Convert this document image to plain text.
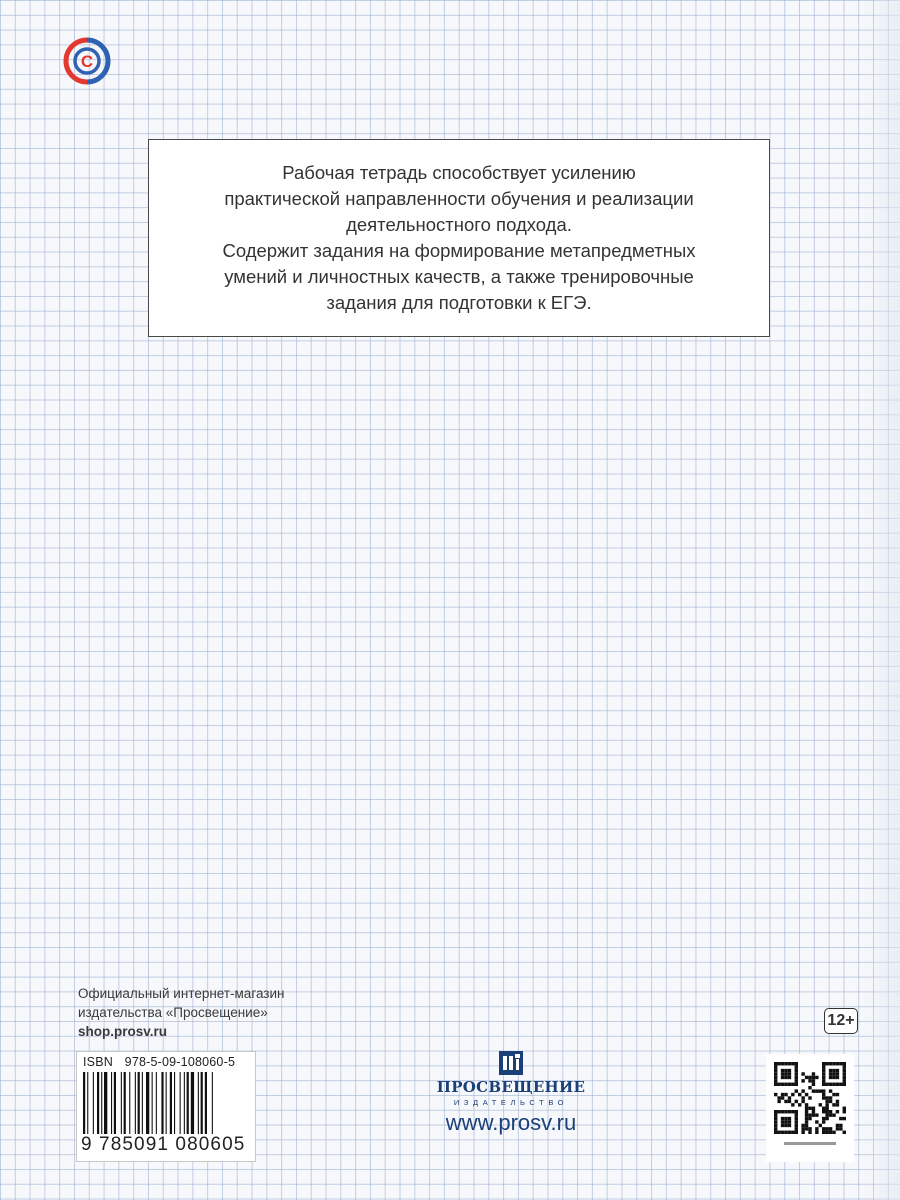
C

Рабочая тетрадь способствует усилению

практической направленности обучения и реализации

деятельностного подхода.

Содержит задания на формирование метапредметных

умений и личностных качеств, а также тренировочные

задания для подготовки к ЕГЭ.

Официальный интернет-магазин
издательства «Просвещение»
shop.prosv.ru
ISBN 978-5-09-108060-5
9 785091 080605
12+
ПРОСВЕЩЕНИЕ
ИЗДАТЕЛЬСТВО
www.prosv.ru
